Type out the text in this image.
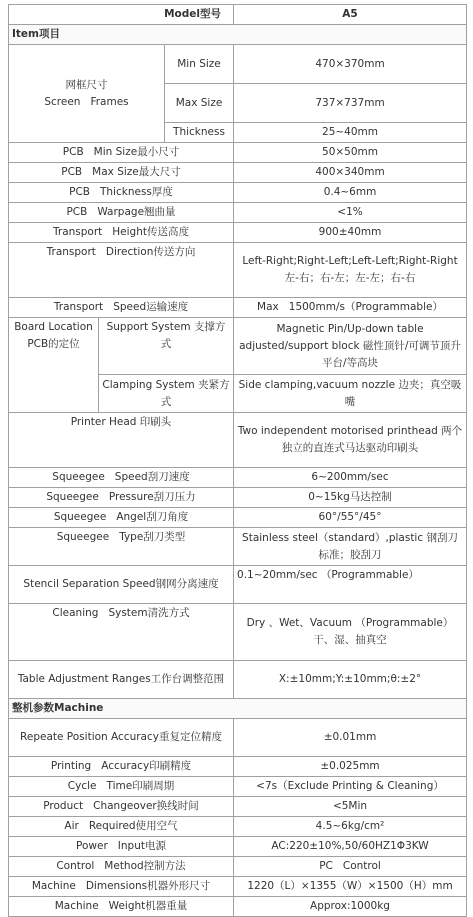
Model型号			A5
Item项目			

网框尺寸
Screen   Frames		Min Size	470×370mm
		Max Size	737×737mm
		Thickness	25~40mm
PCB   Min Size最小尺寸			50×50mm
PCB   Max Size最大尺寸			400×340mm
PCB   Thickness厚度			0.4~6mm
PCB   Warpage翘曲量			<1%
Transport   Height传送高度			900±40mm
Transport   Direction传送方向			Left-Right;Right-Left;Left-Left;Right-Right 左-右；右-左；左-左；右-右
Transport   Speed运输速度			Max   1500mm/s（Programmable）
Board Location PCB的定位	Support System 支撑方式		Magnetic Pin/Up-down table adjusted/support block 磁性顶针/可调节顶升平台/等高块
	Clamping System 夹紧方式		Side clamping,vacuum nozzle 边夹；真空吸嘴
Printer Head 印刷头			Two independent motorised printhead 两个独立的直连式马达驱动印刷头
Squeegee   Speed刮刀速度			6~200mm/sec
Squeegee   Pressure刮刀压力			0~15kg马达控制
Squeegee   Angel刮刀角度			60°/55°/45°
Squeegee   Type刮刀类型			Stainless steel（standard）,plastic 钢刮刀标准；胶刮刀
Stencil Separation Speed钢网分离速度			0.1~20mm/sec （Programmable）
Cleaning   System清洗方式			Dry 、Wet、Vacuum （Programmable） 干、湿、抽真空
Table Adjustment Ranges工作台调整范围			X:±10mm;Y:±10mm;θ:±2°
整机参数Machine			
Repeate Position Accuracy重复定位精度			±0.01mm
Printing   Accuracy印刷精度			±0.025mm
Cycle   Time印刷周期			<7s（Exclude Printing & Cleaning）
Product   Changeover换线时间			<5Min
Air   Required使用空气			4.5~6kg/cm²
Power   Input电源			AC:220±10%,50/60HZ1Φ3KW
Control   Method控制方法			PC   Control
Machine   Dimensions机器外形尺寸			1220（L）×1355（W）×1500（H）mm
Machine   Weight机器重量			Approx:1000kg
